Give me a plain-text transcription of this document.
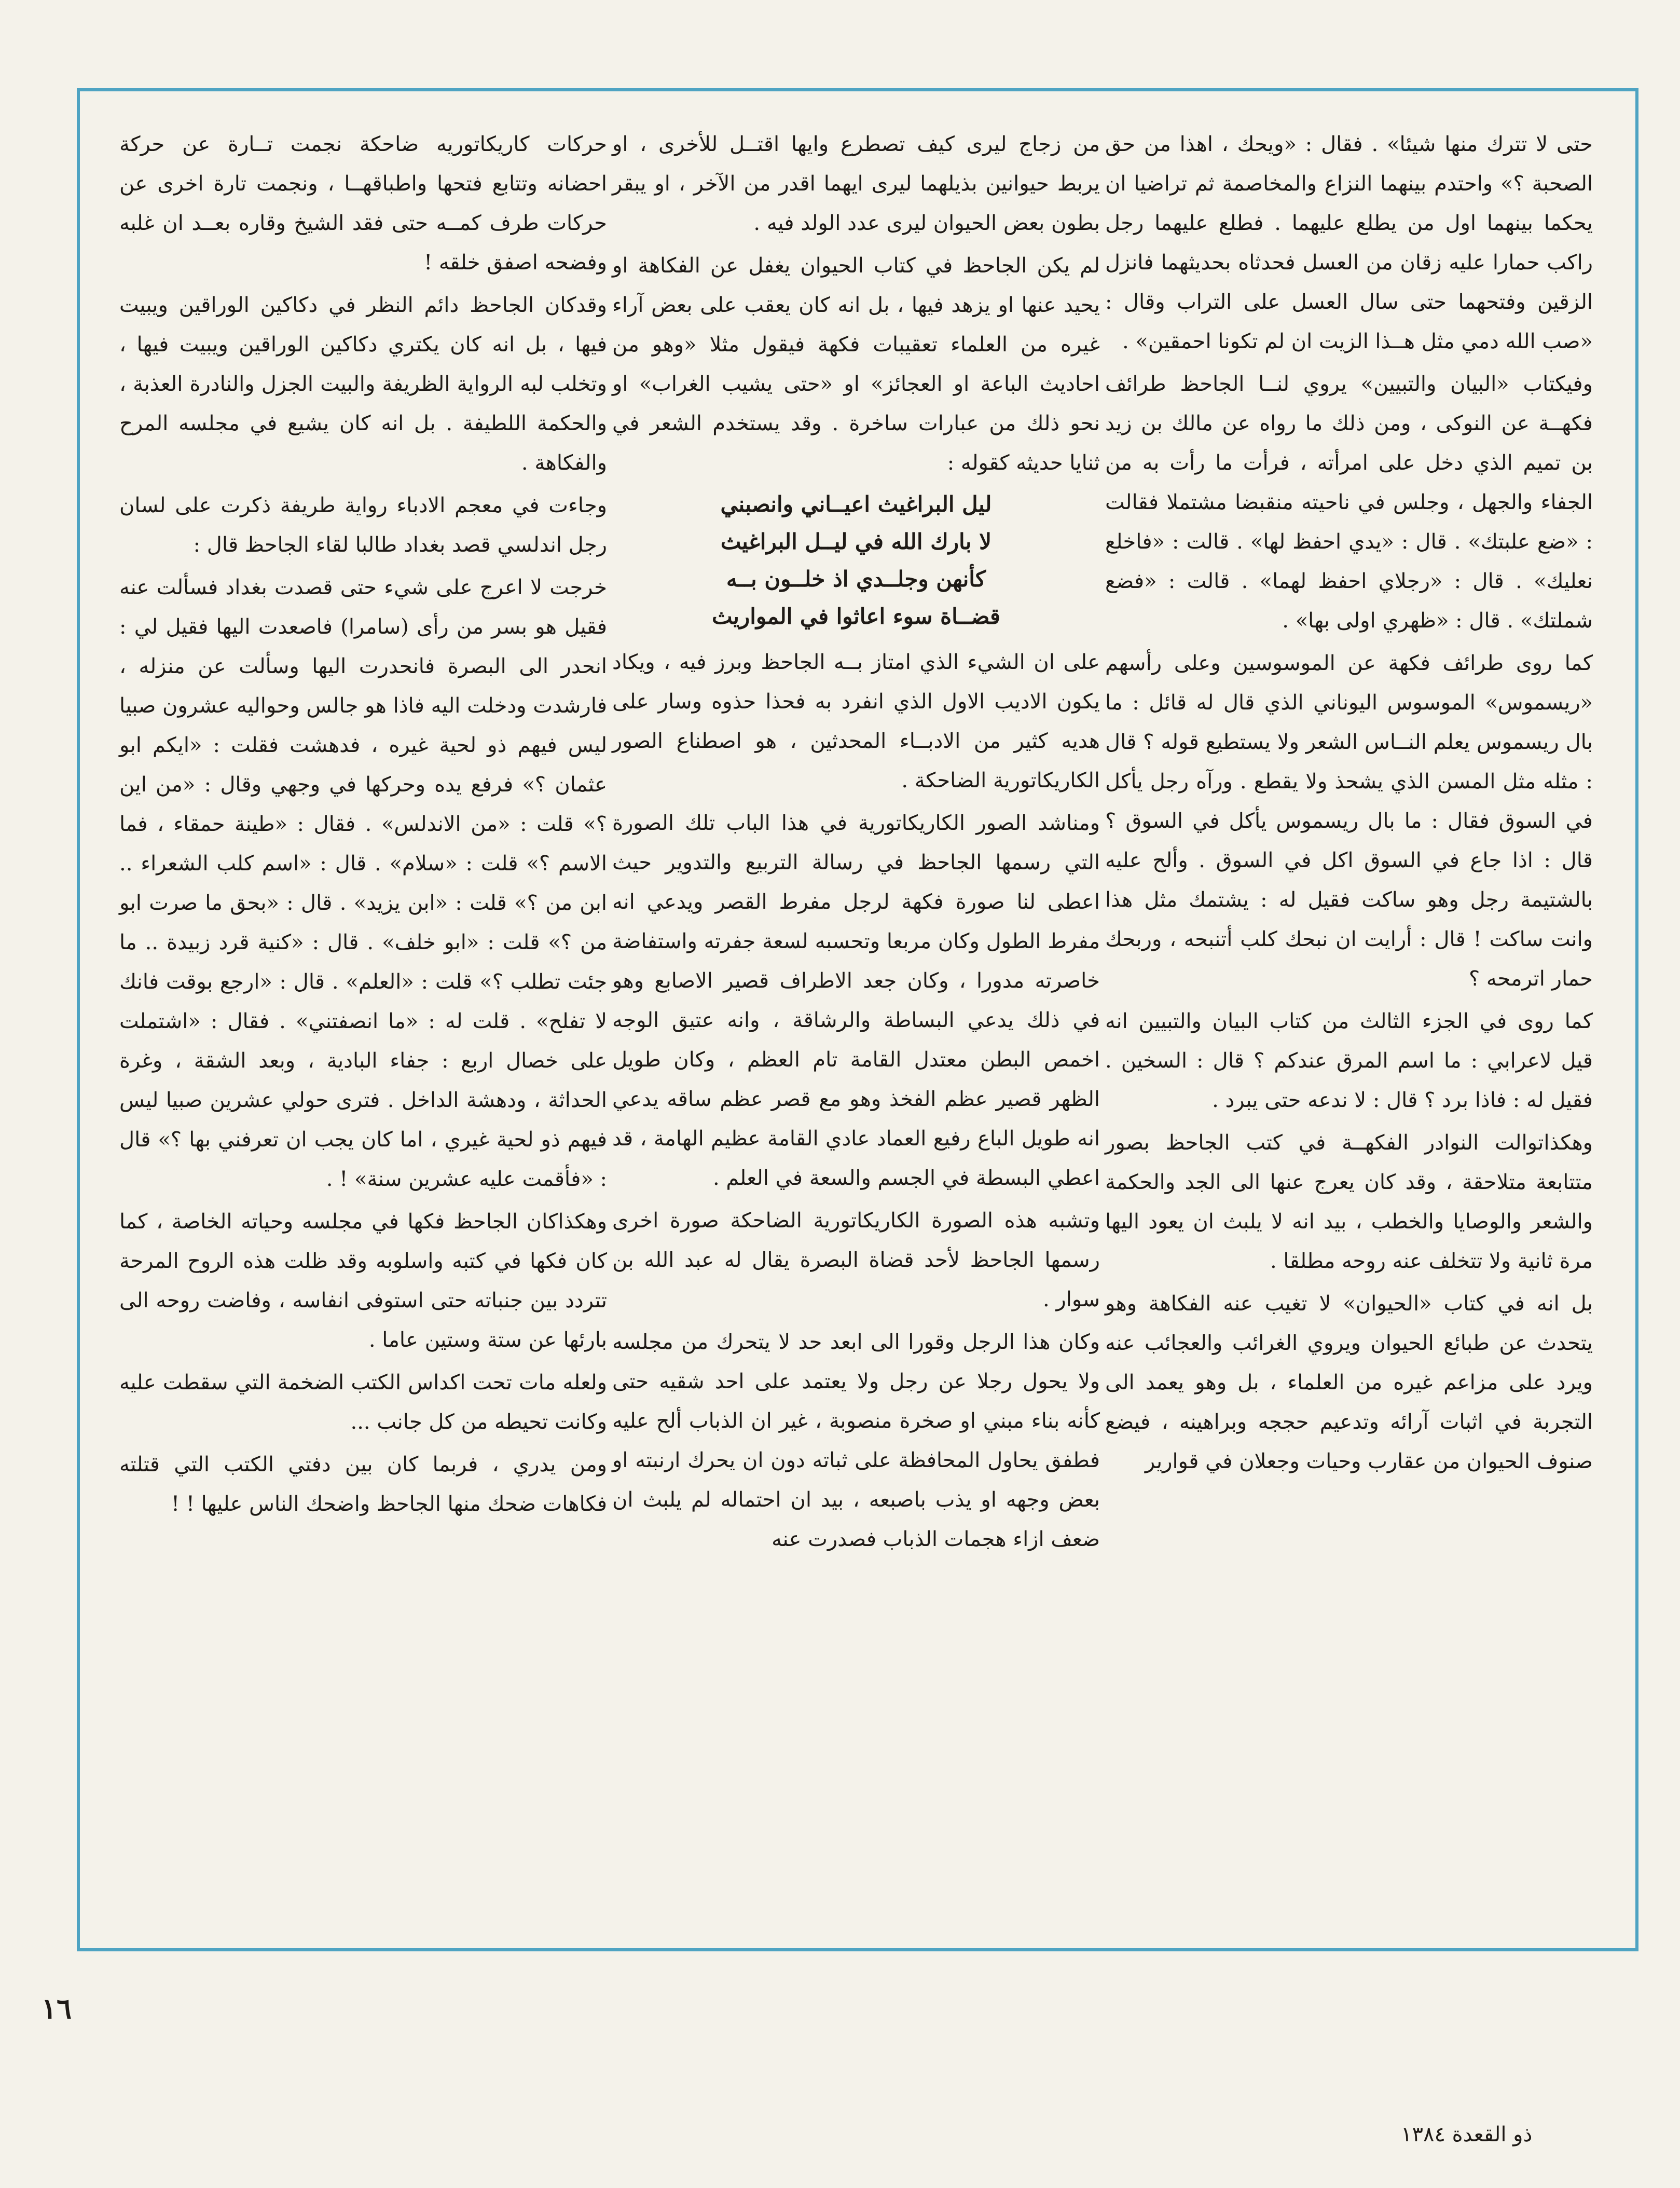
حتى لا تترك منها شيئا» . فقال : «ويحك ، اهذا من حق الصحبة ؟» واحتدم بينهما النزاع والمخاصمة ثم تراضيا ان يحكما بينهما اول من يطلع عليهما . فطلع عليهما رجل راكب حمارا عليه زقان من العسل فحدثاه بحديثهما فانزل الزقين وفتحهما حتى سال العسل على التراب وقال : «صب الله دمي مثل هــذا الزيت ان لم تكونا احمقين» .

وفيكتاب «البيان والتبيين» يروي لنــا الجاحظ طرائف فكهــة عن النوكى ، ومن ذلك ما رواه عن مالك بن زيد بن تميم الذي دخل على امرأته ، فرأت ما رأت به من الجفاء والجهل ، وجلس في ناحيته منقبضا مشتملا فقالت : «ضع علبتك» . قال : «يدي احفظ لها» . قالت : «فاخلع نعليك» . قال : «رجلاي احفظ لهما» . قالت : «فضع شملتك» . قال : «ظهري اولى بها» .

كما روى طرائف فكهة عن الموسوسين وعلى رأسهم «ريسموس» الموسوس اليوناني الذي قال له قائل : ما بال ريسموس يعلم النــاس الشعر ولا يستطيع قوله ؟ قال : مثله مثل المسن الذي يشحذ ولا يقطع . ورآه رجل يأكل في السوق فقال : ما بال ريسموس يأكل في السوق ؟ قال : اذا جاع في السوق اكل في السوق . وألح عليه بالشتيمة رجل وهو ساكت فقيل له : يشتمك مثل هذا وانت ساكت ! قال : أرايت ان نبحك كلب أتنبحه ، وربحك حمار اترمحه ؟

كما روى في الجزء الثالث من كتاب البيان والتبيين انه قيل لاعرابي : ما اسم المرق عندكم ؟ قال : السخين . فقيل له : فاذا برد ؟ قال : لا ندعه حتى يبرد .

وهكذاتوالت النوادر الفكهــة في كتب الجاحظ بصور متتابعة متلاحقة ، وقد كان يعرج عنها الى الجد والحكمة والشعر والوصايا والخطب ، بيد انه لا يلبث ان يعود اليها مرة ثانية ولا تتخلف عنه روحه مطلقا .

بل انه في كتاب «الحيوان» لا تغيب عنه الفكاهة وهو يتحدث عن طبائع الحيوان ويروي الغرائب والعجائب عنه ويرد على مزاعم غيره من العلماء ، بل وهو يعمد الى التجربة في اثبات آرائه وتدعيم حججه وبراهينه ، فيضع صنوف الحيوان من عقارب وحيات وجعلان في قوارير

من زجاج ليرى كيف تصطرع وايها اقتــل للأخرى ، او يربط حيوانين بذيلهما ليرى ايهما اقدر من الآخر ، او يبقر بطون بعض الحيوان ليرى عدد الولد فيه .

لم يكن الجاحظ في كتاب الحيوان يغفل عن الفكاهة او يحيد عنها او يزهد فيها ، بل انه كان يعقب على بعض آراء غيره من العلماء تعقيبات فكهة فيقول مثلا «وهو من احاديث الباعة او العجائز» او «حتى يشيب الغراب» او نحو ذلك من عبارات ساخرة . وقد يستخدم الشعر في ثنايا حديثه كقوله :

ليل البراغيث اعيــاني وانصبني
لا بارك الله في ليــل البراغيث
كأنهن وجلــدي اذ خلــون بــه
قضــاة سوء اعاثوا في المواريث

على ان الشيء الذي امتاز بــه الجاحظ وبرز فيه ، ويكاد يكون الاديب الاول الذي انفرد به فحذا حذوه وسار على هديه كثير من الادبــاء المحدثين ، هو اصطناع الصور الكاريكاتورية الضاحكة .

ومناشد الصور الكاريكاتورية في هذا الباب تلك الصورة التي رسمها الجاحظ في رسالة التربيع والتدوير حيث اعطى لنا صورة فكهة لرجل مفرط القصر ويدعي انه مفرط الطول وكان مربعا وتحسبه لسعة جفرته واستفاضة خاصرته مدورا ، وكان جعد الاطراف قصير الاصابع وهو في ذلك يدعي البساطة والرشاقة ، وانه عتيق الوجه اخمص البطن معتدل القامة تام العظم ، وكان طويل الظهر قصير عظم الفخذ وهو مع قصر عظم ساقه يدعي انه طويل الباع رفيع العماد عادي القامة عظيم الهامة ، قد اعطي البسطة في الجسم والسعة في العلم .

وتشبه هذه الصورة الكاريكاتورية الضاحكة صورة اخرى رسمها الجاحظ لأحد قضاة البصرة يقال له عبد الله بن سوار .

وكان هذا الرجل وقورا الى ابعد حد لا يتحرك من مجلسه ولا يحول رجلا عن رجل ولا يعتمد على احد شقيه حتى كأنه بناء مبني او صخرة منصوبة ، غير ان الذباب ألح عليه فطفق يحاول المحافظة على ثباته دون ان يحرك ارنبته او بعض وجهه او يذب باصبعه ، بيد ان احتماله لم يلبث ان ضعف ازاء هجمات الذباب فصدرت عنه

حركات كاريكاتوريه ضاحكة نجمت تــارة عن حركة احضانه وتتابع فتحها واطباقهــا ، ونجمت تارة اخرى عن حركات طرف كمــه حتى فقد الشيخ وقاره بعــد ان غلبه وفضحه اصفق خلقه !

وقدكان الجاحظ دائم النظر في دكاكين الوراقين ويبيت فيها ، بل انه كان يكتري دكاكين الوراقين ويبيت فيها ، وتخلب لبه الرواية الظريفة والبيت الجزل والنادرة العذبة ، والحكمة اللطيفة . بل انه كان يشيع في مجلسه المرح والفكاهة .

وجاءت في معجم الادباء رواية طريفة ذكرت على لسان رجل اندلسي قصد بغداد طالبا لقاء الجاحظ قال :

خرجت لا اعرج على شيء حتى قصدت بغداد فسألت عنه فقيل هو بسر من رأى (سامرا) فاصعدت اليها فقيل لي : انحدر الى البصرة فانحدرت اليها وسألت عن منزله ، فارشدت ودخلت اليه فاذا هو جالس وحواليه عشرون صبيا ليس فيهم ذو لحية غيره ، فدهشت فقلت : «ايكم ابو عثمان ؟» فرفع يده وحركها في وجهي وقال : «من اين ؟» قلت : «من الاندلس» . فقال : «طينة حمقاء ، فما الاسم ؟» قلت : «سلام» . قال : «اسم كلب الشعراء .. ابن من ؟» قلت : «ابن يزيد» . قال : «بحق ما صرت ابو من ؟» قلت : «ابو خلف» . قال : «كنية قرد زبيدة .. ما جئت تطلب ؟» قلت : «العلم» . قال : «ارجع بوقت فانك لا تفلح» . قلت له : «ما انصفتني» . فقال : «اشتملت على خصال اربع : جفاء البادية ، وبعد الشقة ، وغرة الحداثة ، ودهشة الداخل . فترى حولي عشرين صبيا ليس فيهم ذو لحية غيري ، اما كان يجب ان تعرفني بها ؟» قال : «فأقمت عليه عشرين سنة» ! .

وهكذاكان الجاحظ فكها في مجلسه وحياته الخاصة ، كما كان فكها في كتبه واسلوبه وقد ظلت هذه الروح المرحة تتردد بين جنباته حتى استوفى انفاسه ، وفاضت روحه الى بارئها عن ستة وستين عاما .

ولعله مات تحت اكداس الكتب الضخمة التي سقطت عليه وكانت تحيطه من كل جانب ...

ومن يدري ، فربما كان بين دفتي الكتب التي قتلته فكاهات ضحك منها الجاحظ واضحك الناس عليها ! !

١٦
ذو القعدة ١٣٨٤
